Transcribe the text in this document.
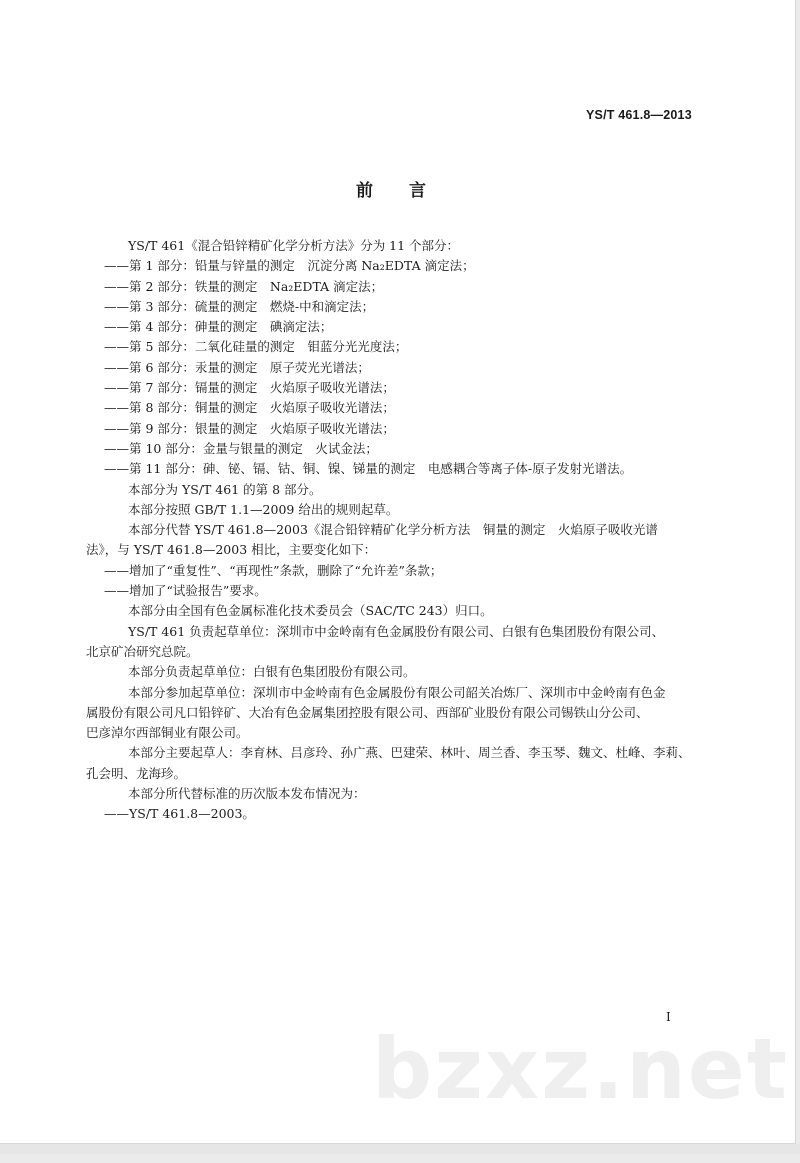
YS/T 461.8—2013
前言
YS/T 461《混合铅锌精矿化学分析方法》分为 11 个部分：
——第 1 部分：铅量与锌量的测定　沉淀分离 Na₂EDTA 滴定法；
——第 2 部分：铁量的测定　Na₂EDTA 滴定法；
——第 3 部分：硫量的测定　燃烧-中和滴定法；
——第 4 部分：砷量的测定　碘滴定法；
——第 5 部分：二氧化硅量的测定　钼蓝分光光度法；
——第 6 部分：汞量的测定　原子荧光光谱法；
——第 7 部分：镉量的测定　火焰原子吸收光谱法；
——第 8 部分：铜量的测定　火焰原子吸收光谱法；
——第 9 部分：银量的测定　火焰原子吸收光谱法；
——第 10 部分：金量与银量的测定　火试金法；
——第 11 部分：砷、铋、镉、钴、铜、镍、锑量的测定　电感耦合等离子体-原子发射光谱法。
本部分为 YS/T 461 的第 8 部分。
本部分按照 GB/T 1.1—2009 给出的规则起草。
本部分代替 YS/T 461.8—2003《混合铅锌精矿化学分析方法　铜量的测定　火焰原子吸收光谱
法》，与 YS/T 461.8—2003 相比，主要变化如下：
——增加了“重复性”、“再现性”条款，删除了“允许差”条款；
——增加了“试验报告”要求。
本部分由全国有色金属标准化技术委员会（SAC/TC 243）归口。
YS/T 461 负责起草单位：深圳市中金岭南有色金属股份有限公司、白银有色集团股份有限公司、
北京矿冶研究总院。
本部分负责起草单位：白银有色集团股份有限公司。
本部分参加起草单位：深圳市中金岭南有色金属股份有限公司韶关冶炼厂、深圳市中金岭南有色金
属股份有限公司凡口铅锌矿、大冶有色金属集团控股有限公司、西部矿业股份有限公司锡铁山分公司、
巴彦淖尔西部铜业有限公司。
本部分主要起草人：李育林、吕彦玲、孙广燕、巴建荣、林叶、周兰香、李玉琴、魏文、杜峰、李莉、
孔会明、龙海珍。
本部分所代替标准的历次版本发布情况为：
——YS/T 461.8—2003。
I
bzxz.net
